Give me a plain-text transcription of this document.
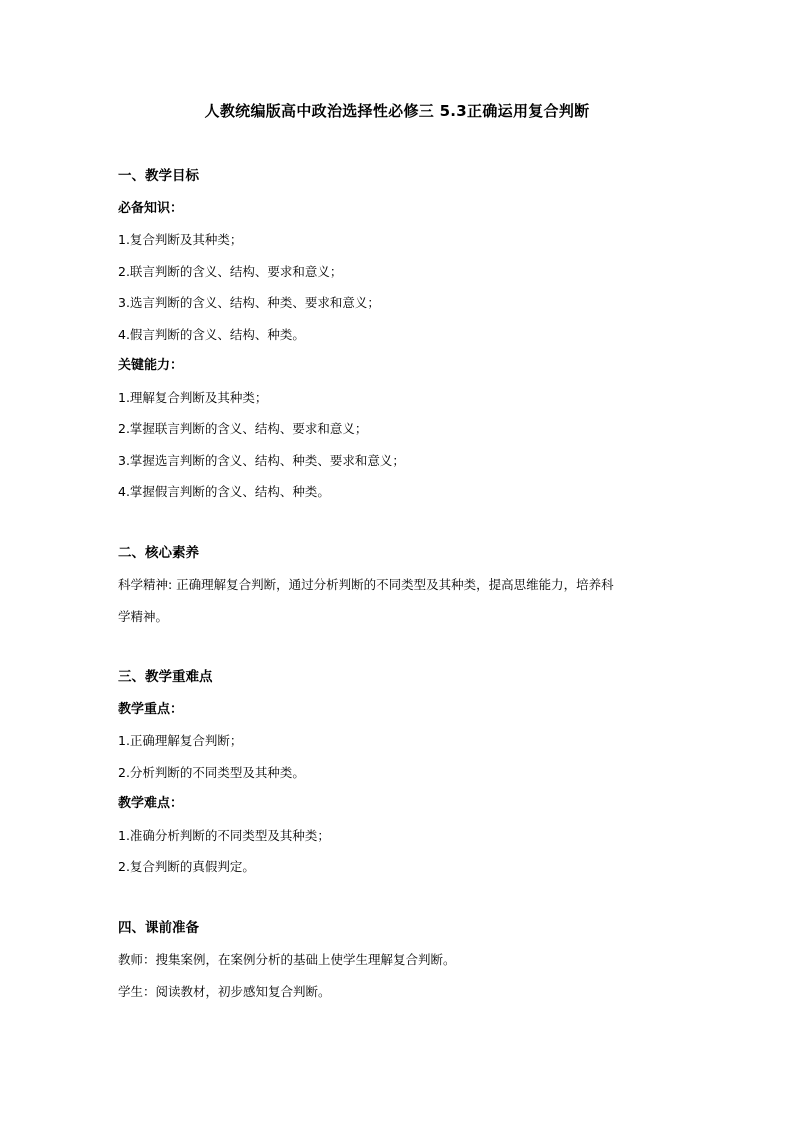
人教统编版高中政治选择性必修三 5.3正确运用复合判断
一、教学目标
必备知识：
1.复合判断及其种类；
2.联言判断的含义、结构、要求和意义；
3.选言判断的含义、结构、种类、要求和意义；
4.假言判断的含义、结构、种类。
关键能力：
1.理解复合判断及其种类；
2.掌握联言判断的含义、结构、要求和意义；
3.掌握选言判断的含义、结构、种类、要求和意义；
4.掌握假言判断的含义、结构、种类。
二、核心素养
科学精神: 正确理解复合判断，通过分析判断的不同类型及其种类，提高思维能力，培养科
学精神。
三、教学重难点
教学重点：
1.正确理解复合判断；
2.分析判断的不同类型及其种类。
教学难点：
1.准确分析判断的不同类型及其种类；
2.复合判断的真假判定。
四、课前准备
教师：搜集案例，在案例分析的基础上使学生理解复合判断。
学生：阅读教材，初步感知复合判断。
